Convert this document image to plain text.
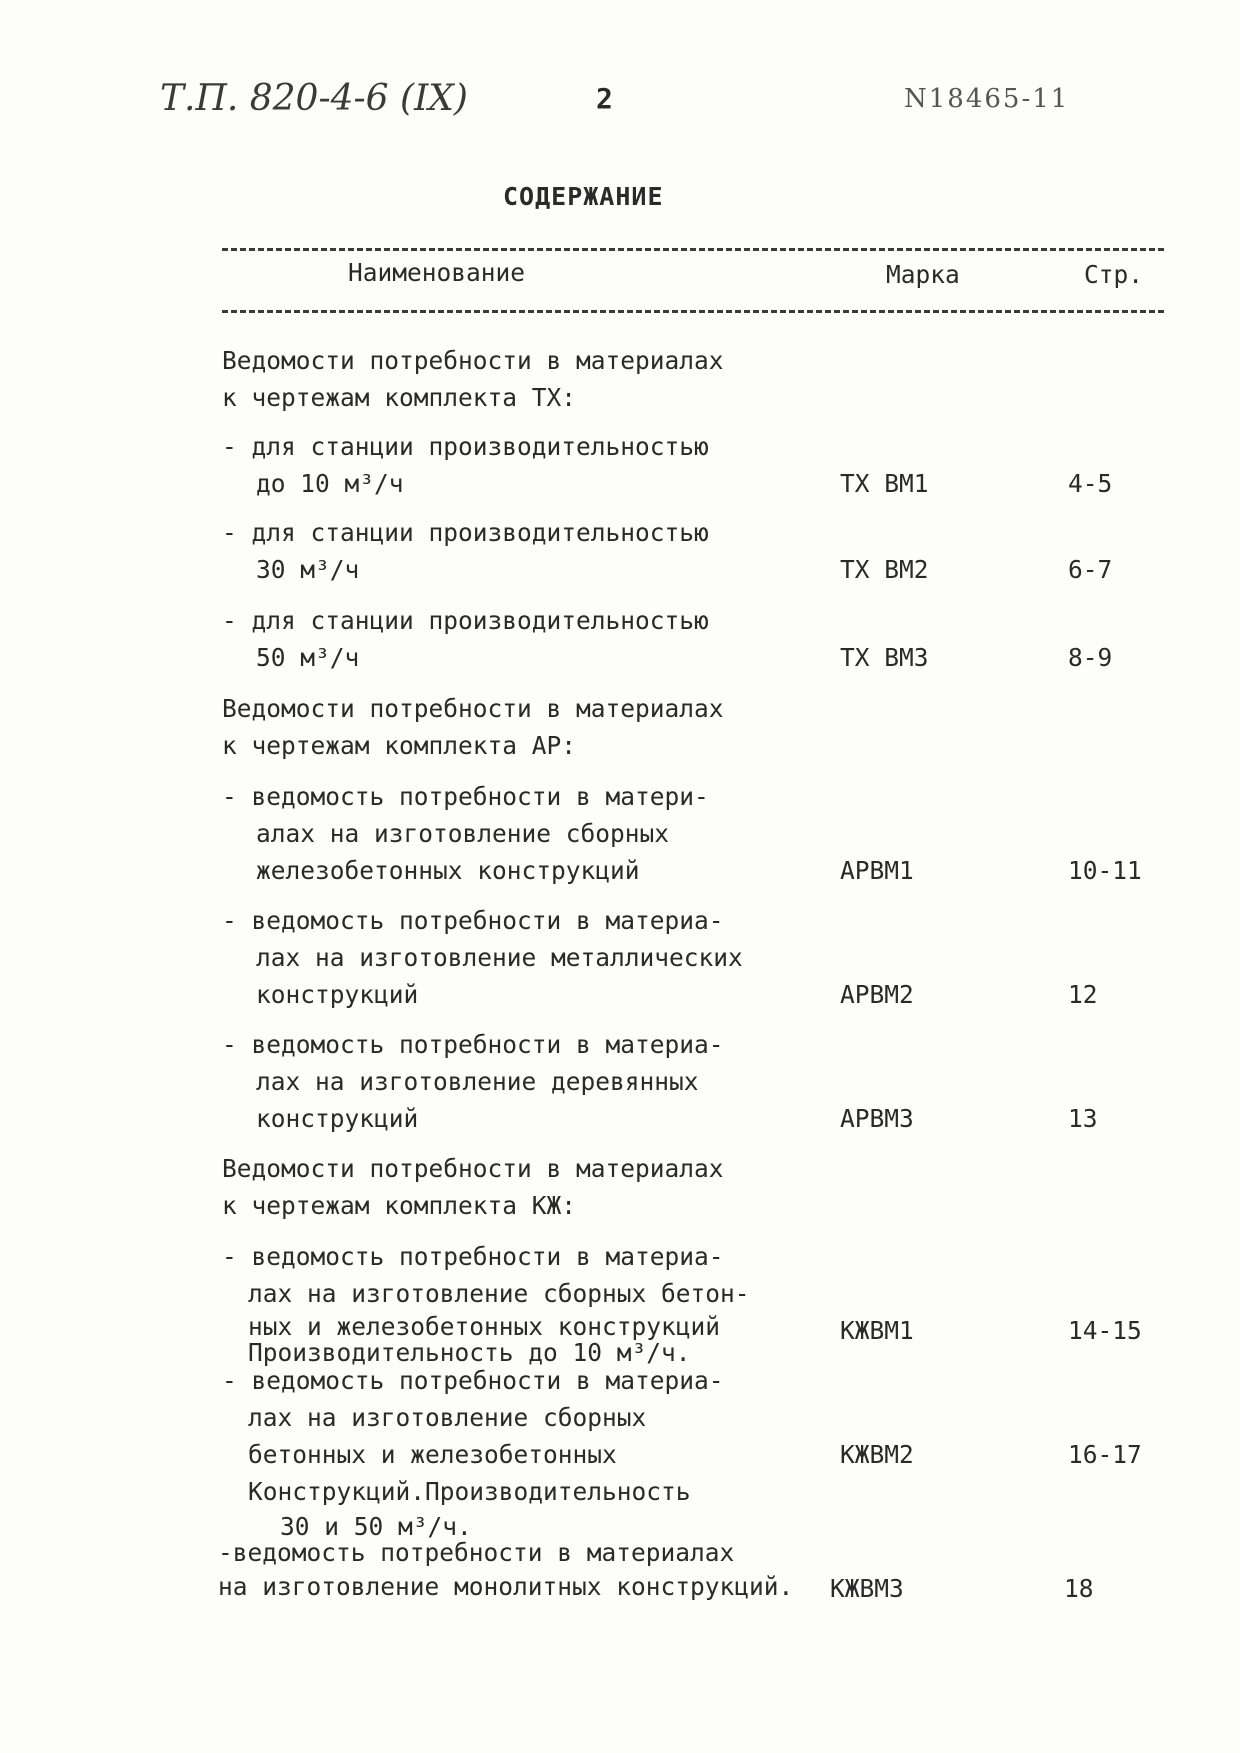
Т.П. 820-4-6 (IX)	2	N18465-11
СОДЕРЖАНИЕ
Наименование	Марка	Стр.
Ведомости потребности в материалах
к чертежам комплекта ТХ:
- для станции производительностью
до 10 м³/ч	ТХ ВМ1	4-5
- для станции производительностью
30 м³/ч	ТХ ВМ2	6-7
- для станции производительностью
50 м³/ч	ТХ ВМ3	8-9
Ведомости потребности в материалах
к чертежам комплекта АР:
- ведомость потребности в матери-
алах на изготовление сборных
железобетонных конструкций	АРВМ1	10-11
- ведомость потребности в материа-
лах на изготовление металлических
конструкций	АРВМ2	12
- ведомость потребности в материа-
лах на изготовление деревянных
конструкций	АРВМ3	13
Ведомости потребности в материалах
к чертежам комплекта КЖ:
- ведомость потребности в материа-
лах на изготовление сборных бетон-
ных и железобетонных конструкций
Производительность до 10 м³/ч.
КЖВМ1	14-15
- ведомость потребности в материа-
лах на изготовление сборных
бетонных и железобетонных
Конструкций.Производительность
30 и 50 м³/ч.
КЖВМ2	16-17
-ведомость потребности в материалах
на изготовление монолитных конструкций. КЖВМ3	18
